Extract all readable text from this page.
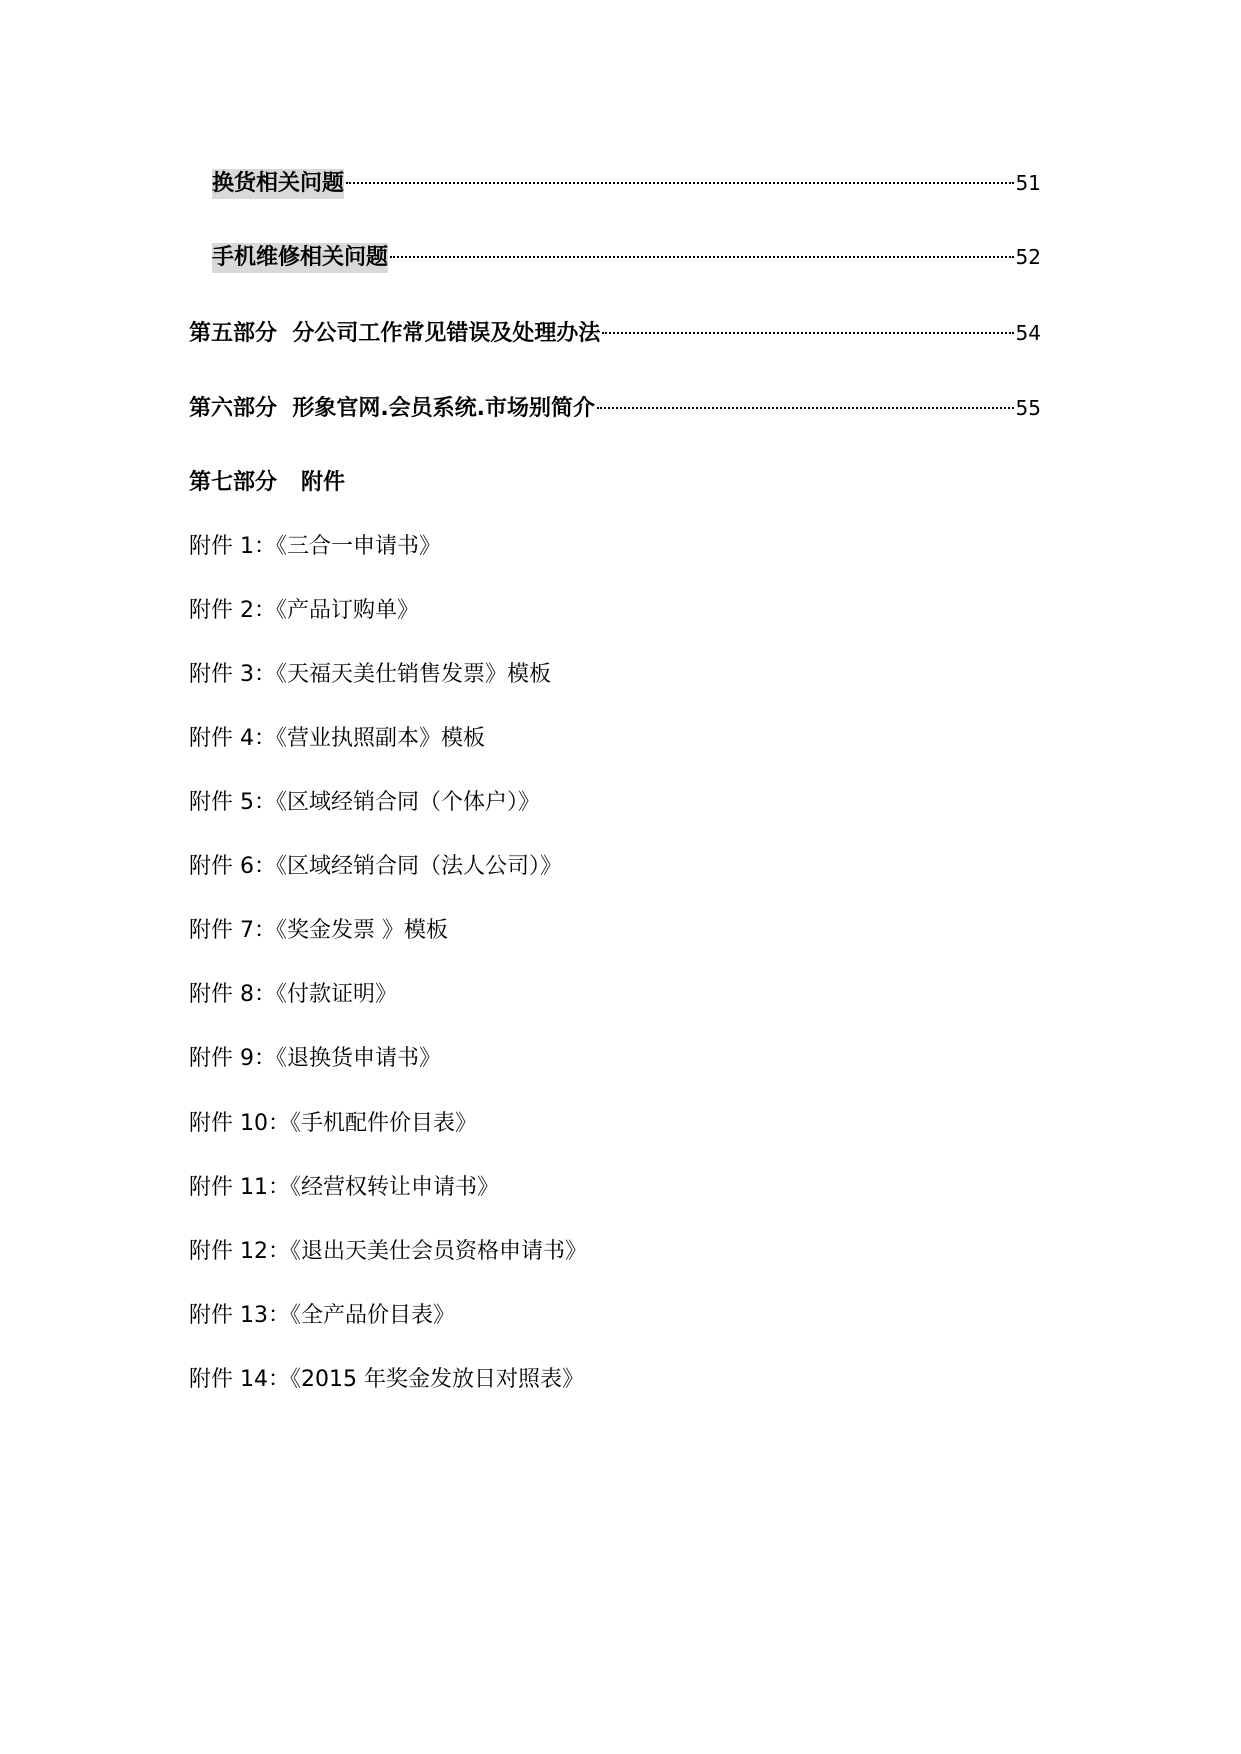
换货相关问题	51
手机维修相关问题	52
第五部分  分公司工作常见错误及处理办法	54
第六部分  形象官网.会员系统.市场别简介	55
第七部分 附件
附件 1：《三合一申请书》
附件 2：《产品订购单》
附件 3：《天福天美仕销售发票》模板
附件 4：《营业执照副本》模板
附件 5：《区域经销合同（个体户）》
附件 6：《区域经销合同（法人公司）》
附件 7：《奖金发票 》模板
附件 8：《付款证明》
附件 9：《退换货申请书》
附件 10：《手机配件价目表》
附件 11：《经营权转让申请书》
附件 12：《退出天美仕会员资格申请书》
附件 13：《全产品价目表》
附件 14：《2015 年奖金发放日对照表》
